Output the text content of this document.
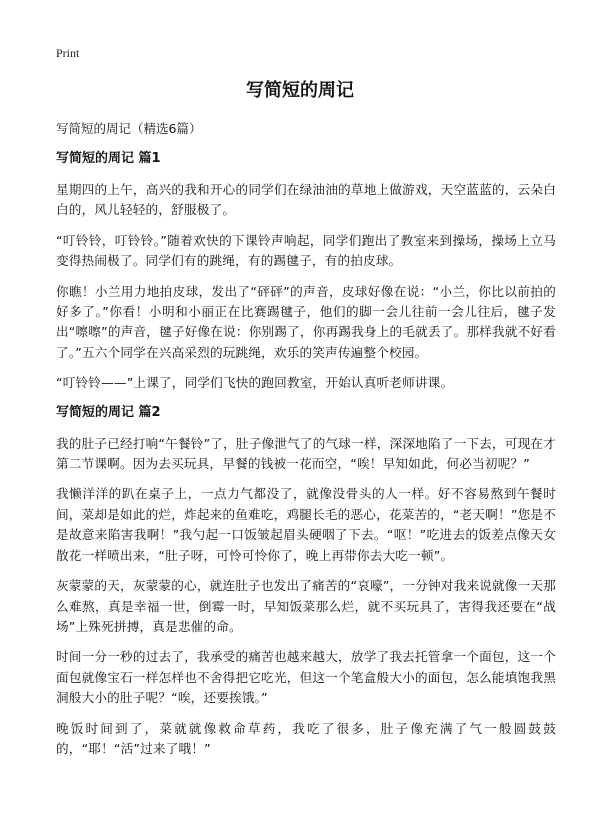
Print
写简短的周记

写简短的周记（精选6篇）

写简短的周记 篇1

星期四的上午，高兴的我和开心的同学们在绿油油的草地上做游戏，天空蓝蓝的，云朵白白的，风儿轻轻的，舒服极了。

“叮铃铃，叮铃铃。”随着欢快的下课铃声响起，同学们跑出了教室来到操场，操场上立马变得热闹极了。同学们有的跳绳，有的踢毽子，有的拍皮球。

你瞧！小兰用力地拍皮球，发出了“砰砰”的声音，皮球好像在说：“小兰，你比以前拍的好多了。”你看！小明和小丽正在比赛踢毽子，他们的脚一会儿往前一会儿往后，毽子发出“嚓嚓”的声音，毽子好像在说：你别踢了，你再踢我身上的毛就丢了。那样我就不好看了。”五六个同学在兴高采烈的玩跳绳，欢乐的笑声传遍整个校园。

“叮铃铃——”上课了，同学们飞快的跑回教室，开始认真听老师讲课。

写简短的周记 篇2

我的肚子已经打响“午餐铃”了，肚子像泄气了的气球一样，深深地陷了一下去，可现在才第二节课啊。因为去买玩具，早餐的钱被一花而空，“唉！早知如此，何必当初呢？”

我懒洋洋的趴在桌子上，一点力气都没了，就像没骨头的人一样。好不容易熬到午餐时间，菜却是如此的烂，炸起来的鱼难吃，鸡腿长毛的恶心，花菜苦的，“老天啊！”您是不是故意来陷害我啊！”我勺起一口饭皱起眉头硬咽了下去。“呕！”吃进去的饭差点像天女散花一样喷出来，“肚子呀，可怜可怜你了，晚上再带你去大吃一顿”。

灰蒙蒙的天，灰蒙蒙的心，就连肚子也发出了痛苦的“哀嚎”，一分钟对我来说就像一天那么难熬，真是幸福一世，倒霉一时，早知饭菜那么烂，就不买玩具了，害得我还要在“战场”上殊死拼搏，真是悲催的命。

时间一分一秒的过去了，我承受的痛苦也越来越大，放学了我去托管拿一个面包，这一个面包就像宝石一样怎样也不舍得把它吃光，但这一个笔盒般大小的面包，怎么能填饱我黑洞般大小的肚子呢？“唉，还要挨饿。”

晚饭时间到了，菜就就像救命草药，我吃了很多，肚子像充满了气一般圆鼓鼓的，“耶！“活”过来了哦！”
